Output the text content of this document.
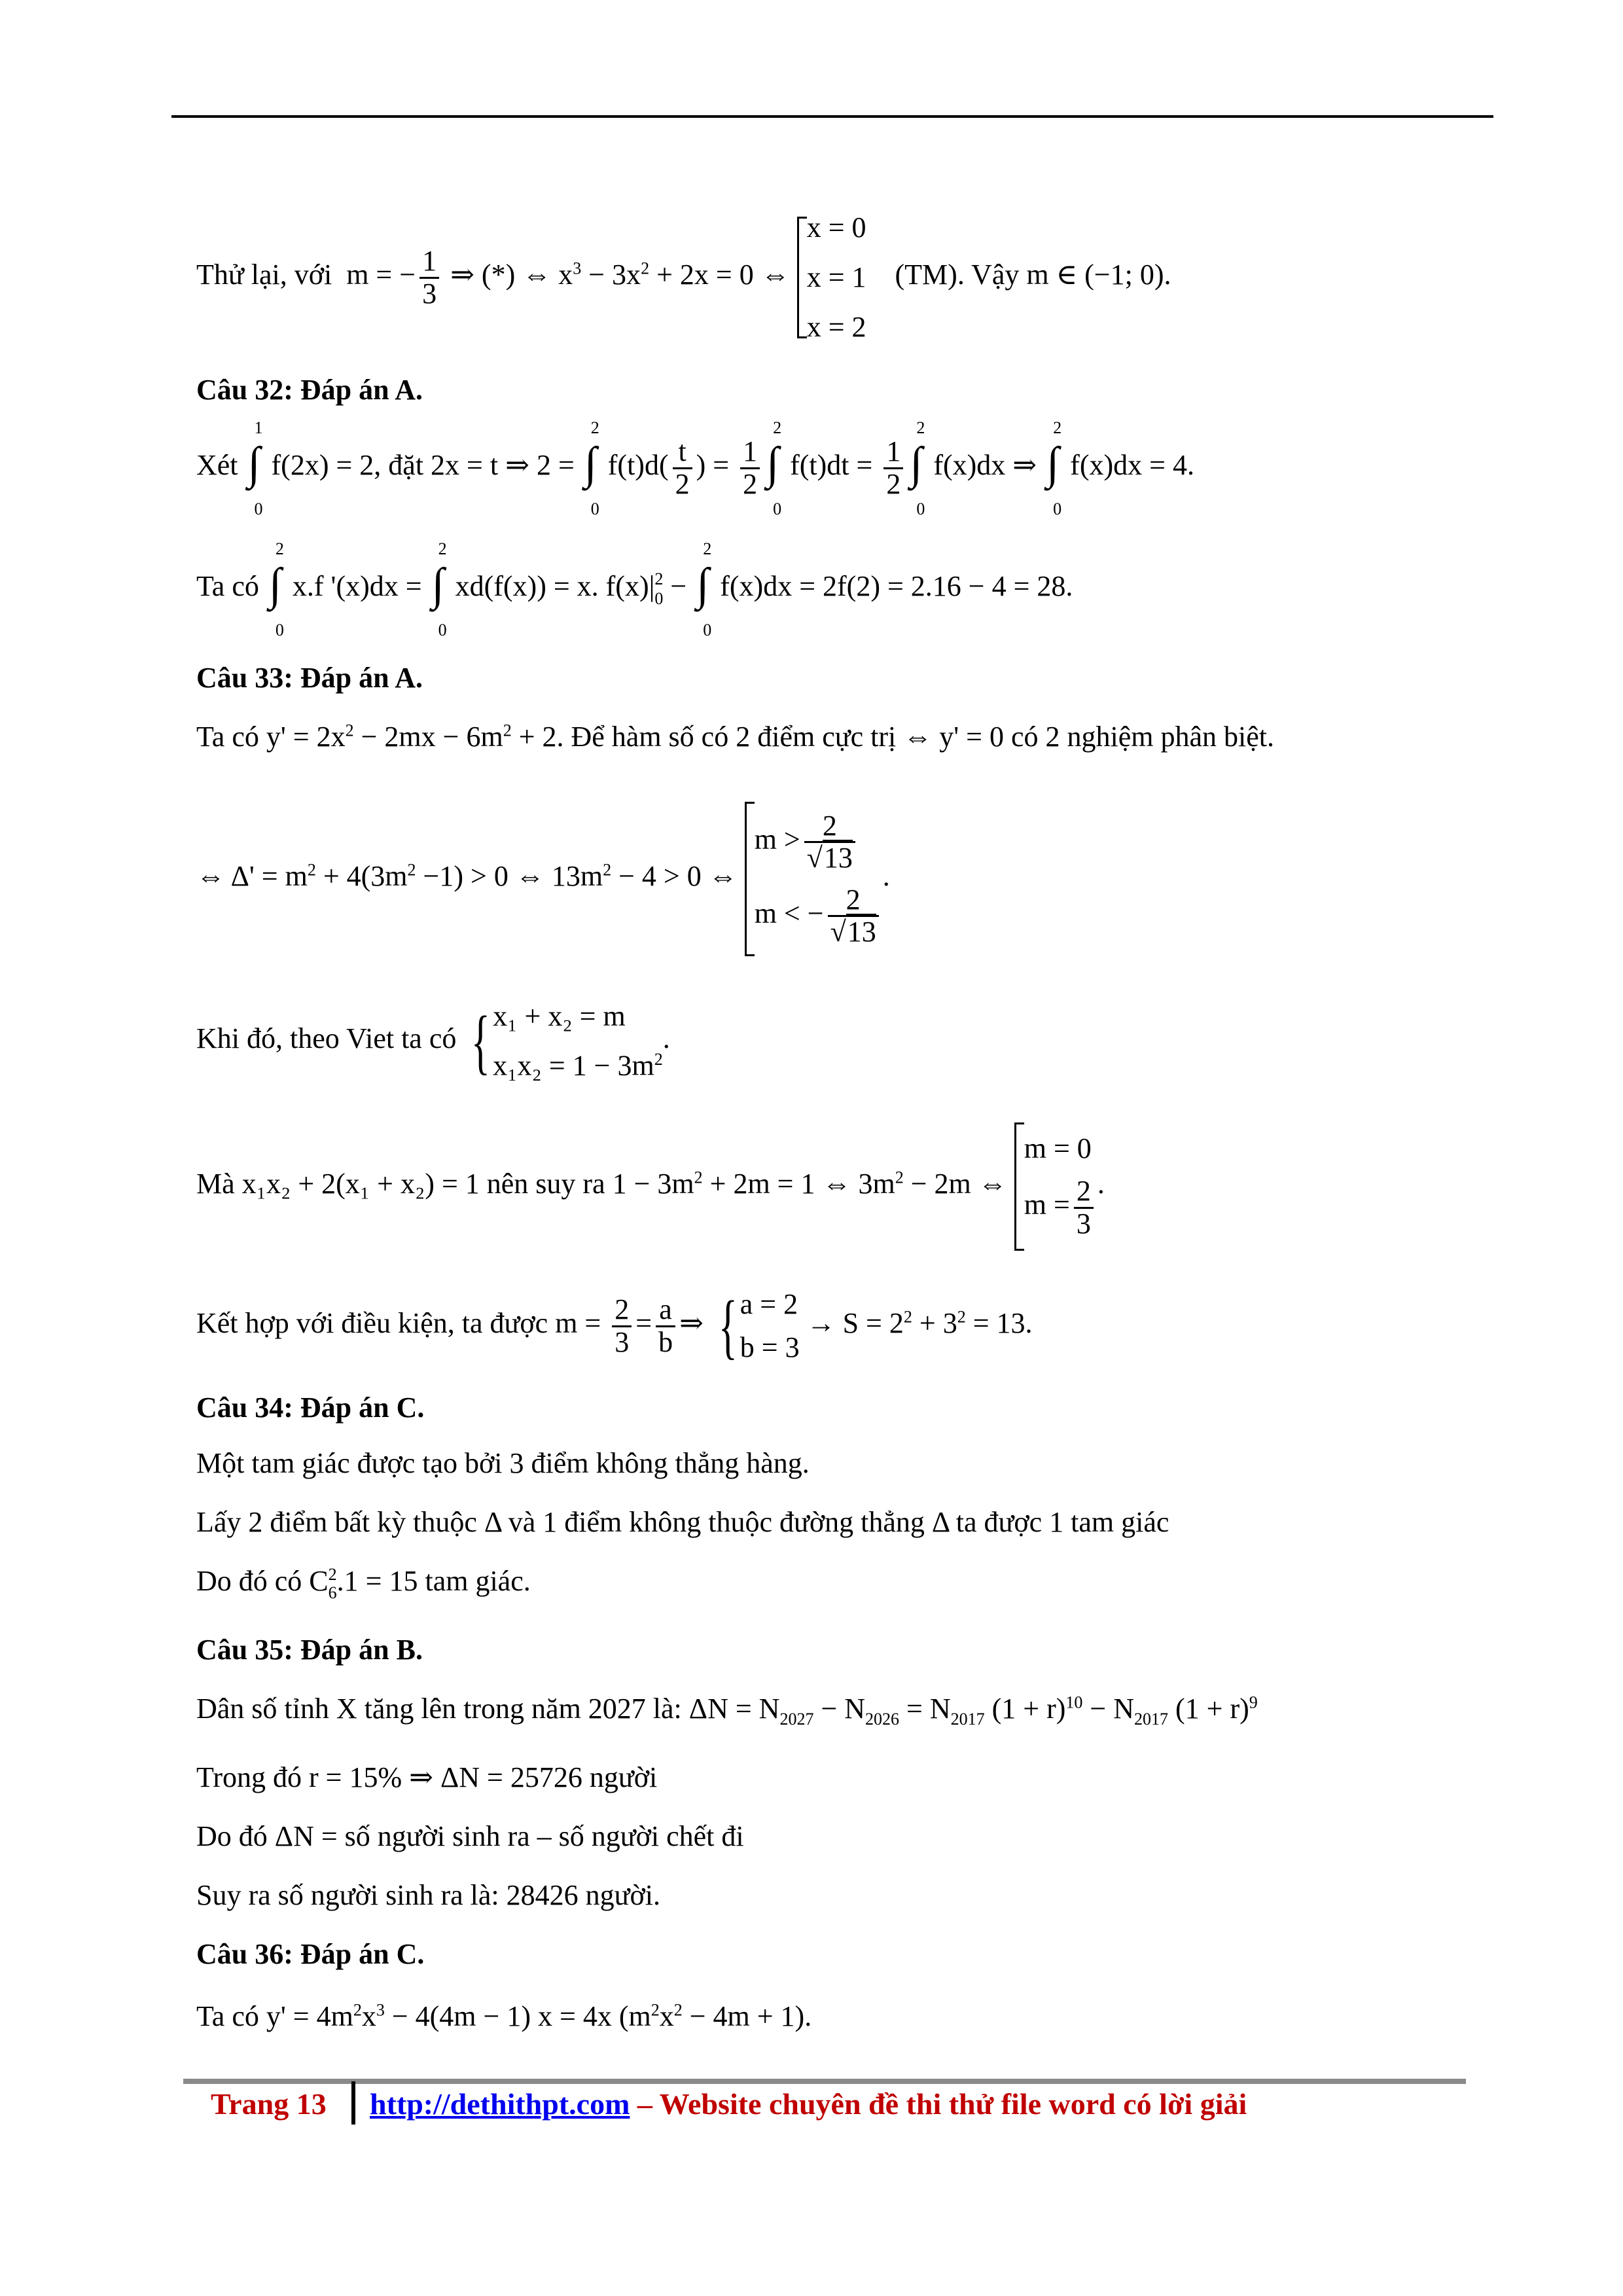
Thử lại, với m = − $\frac{1}{3}$ ⇒ (*) ⇔ $x^3 - 3x^2 + 2x = 0$ ⇔
x = 0
x = 1
x = 2
(TM). Vậy m ∈ (−1; 0).
Câu 32: Đáp án A.
Xét
1
∫
0
f(2x) = 2, đặt 2x = t ⇒ 2 =
2
∫
0
$f(t)d( \frac{t}{2}$ ) = $\frac{1}{2}$
2
∫
0
$f(t)dt = \frac{1}{2}$
2
∫
0
f(x)dx ⇒
2
∫
0
f(x)dx = 4.
Ta có
2
∫
0
x.f '(x)dx =
2
∫
0
xd(f(x)) = x. f(x)| 2
0 −
2
∫
0
f(x)dx = 2f(2) = 2.16 − 4 = 28.
Câu 33: Đáp án A.
Ta có $y' = 2x^2 - 2mx - 6m^2 + 2$. Để hàm số có 2 điểm cực trị ⇔ y' = 0 có 2 nghiệm phân biệt.
⇔ $\Delta' = m^2 + 4(3m^2 -1) > 0$ ⇔ $13m^2 - 4 > 0$ ⇔
$m > \frac{2}{√13}$
m < − $\frac{2}{√13}$
.
Khi đó, theo Viet ta có { x₁ + x₂ = m
$x_1x_2 = 1 - 3m^2$
.
Mà x₁x₂ + 2(x₁ + x₂) = 1 nên suy ra $1 - 3m^2 + 2m = 1$ ⇔ $3m^2 - 2m$ ⇔
m = 0
$m = \frac{2}{3}$ .
Kết hợp với điều kiện, ta được $m = \frac{2}{3} = \frac{a}{b}$ ⇒ { a = 2
b = 3
→ $S = 2^2 + 3^2 = 13$.
Câu 34: Đáp án C.
Một tam giác được tạo bởi 3 điểm không thẳng hàng.
Lấy 2 điểm bất kỳ thuộc Δ và 1 điểm không thuộc đường thẳng Δ ta được 1 tam giác
Do đó có C 2
6 .1 = 15 tam giác.
Câu 35: Đáp án B.
Dân số tỉnh X tăng lên trong năm 2027 là: $\Delta N = N_{2027} - N_{2026} = N_{2017}$ $(1 + r)^{10} - N_{2017}$ $(1 + r)^9$
Trong đó r = 15% ⇒ ΔN = 25726 người
Do đó ΔN = số người sinh ra – số người chết đi
Suy ra số người sinh ra là: 28426 người.
Câu 36: Đáp án C.
Ta có $y' = 4m^2x^3 - 4(4m - 1) x = 4x$ $(m^2x^2 - 4m + 1)$.
Trang 13 http://dethithpt.com – Website chuyên đề thi thử file word có lời giải
